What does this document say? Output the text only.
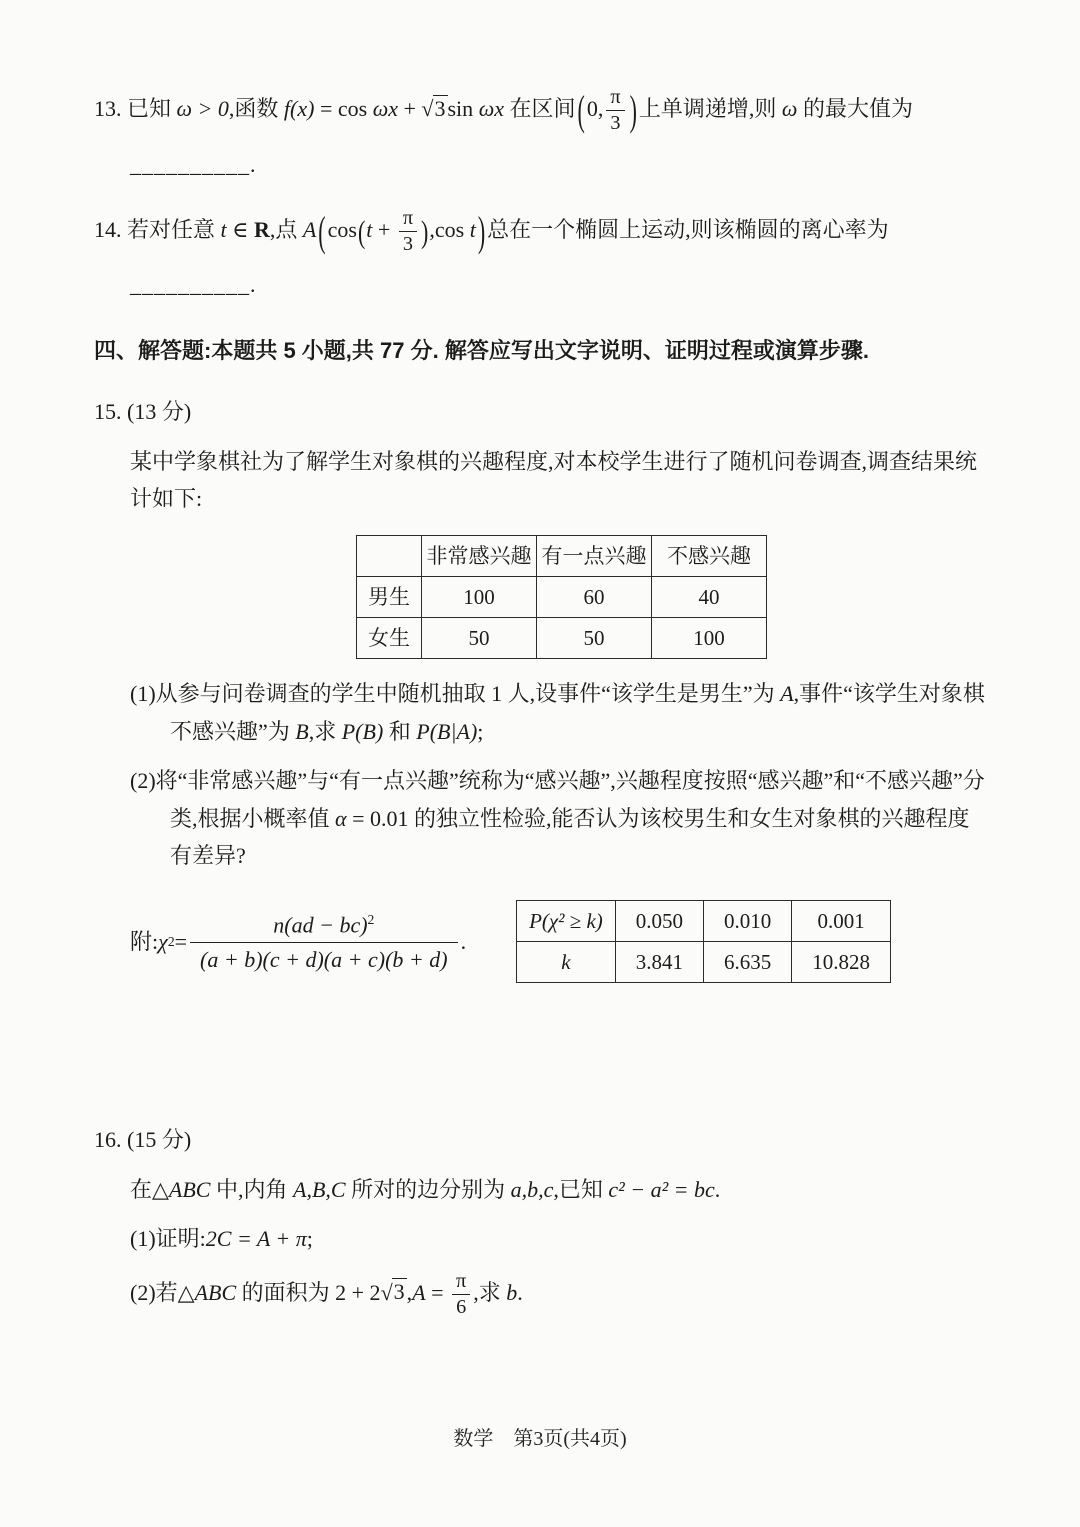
13. 已知 ω > 0,函数 f(x) = cos ωx + √3sin ωx 在区间(0, $\frac{\pi}{3}$ )上单调递增,则 ω 的最大值为

__________.

14. 若对任意 t ∈ R,点 $A(\cos(t + \frac{\pi}{3} ),\cos$ t)总在一个椭圆上运动,则该椭圆的离心率为

__________.

四、解答题:本题共 5 小题,共 77 分. 解答应写出文字说明、证明过程或演算步骤.

15. (13 分)

某中学象棋社为了解学生对象棋的兴趣程度,对本校学生进行了随机问卷调查,调查结果统计如下:

	非常感兴趣	有一点兴趣	不感兴趣
男生	100	60	40
女生	50	50	100

(1)从参与问卷调查的学生中随机抽取 1 人,设事件“该学生是男生”为 A,事件“该学生对象棋不感兴趣”为 B,求 P(B) 和 P(B|A);

(2)将“非常感兴趣”与“有一点兴趣”统称为“感兴趣”,兴趣程度按照“感兴趣”和“不感兴趣”分类,根据小概率值 α = 0.01 的独立性检验,能否认为该校男生和女生对象棋的兴趣程度有差异?

附: χ $2 = \frac{n(ad - bc)^2}{(a + b)(c + d)(a + c)(b + d)}$ .
P(χ² ≥ k)	0.050	0.010	0.001
k	3.841	6.635	10.828

16. (15 分)

在△ABC 中,内角 A,B,C 所对的边分别为 a,b,c,已知 c² − a² = bc.

(1)证明:2C = A + π;

(2)若△ABC 的面积为 $2 + 2√3,A = \frac{\pi}{6}$ ,求 b.

数学　第3页(共4页)
